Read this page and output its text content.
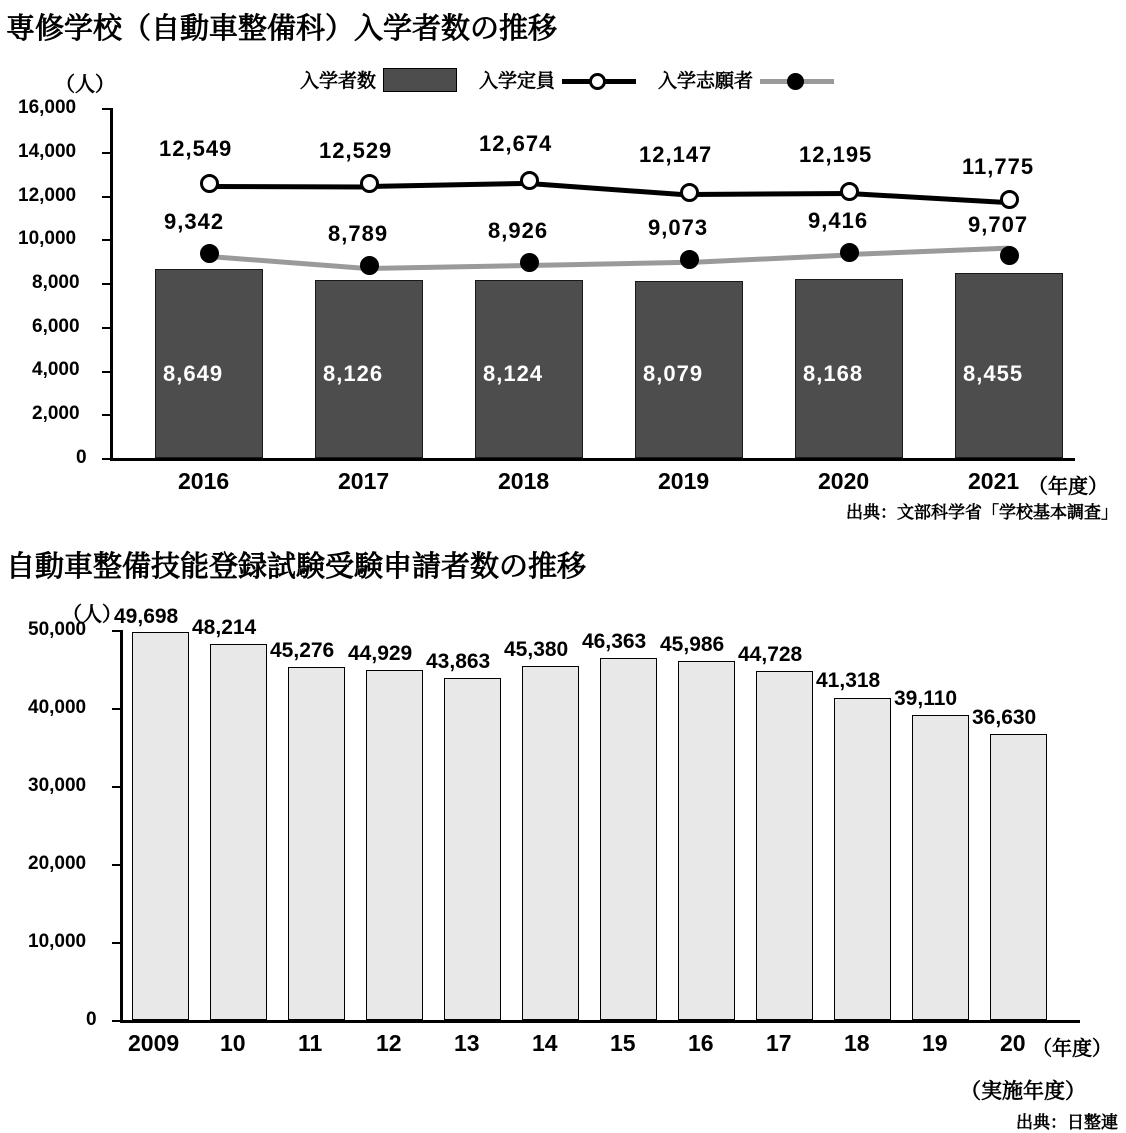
専修学校（自動車整備科）入学者数の推移
（人）	入学者数	入学定員	入学志願者
0
2,000
4,000
6,000
8,000
10,000
12,000
14,000
16,000
8,649	8,126	8,124	8,079	8,168	8,455
12,549	12,529	12,674	12,147	12,195	11,775
9,342	8,789	8,926	9,073	9,416	9,707
2016	2017	2018	2019	2020	2021 （年度）
出典：文部科学省「学校基本調査」
自動車整備技能登録試験受験申請者数の推移
（人）
0
10,000
20,000
30,000
40,000
50,000
49,698 48,214
45,276 44,929 43,863
45,380 46,363 45,986 44,728
41,318
39,110
36,630
2009 10 11 12 13 14 15 16 17 18 19 20 （年度）
（実施年度）
出典：日整連
